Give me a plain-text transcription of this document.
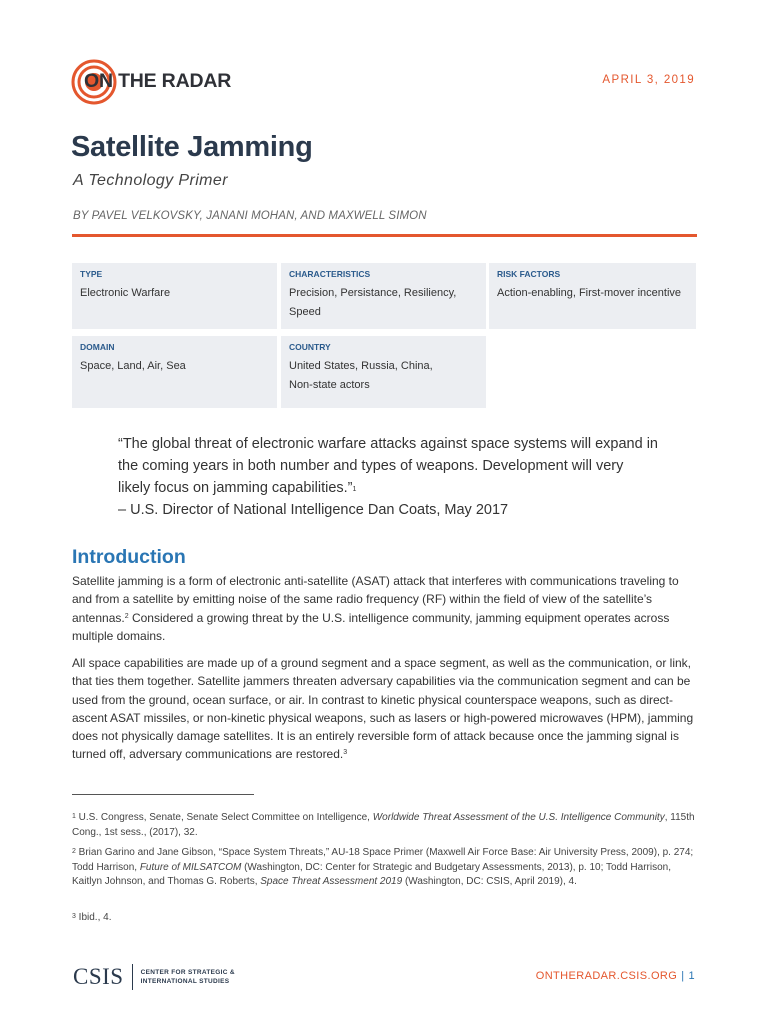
ON THE RADAR	APRIL 3, 2019
Satellite Jamming
A Technology Primer
BY PAVEL VELKOVSKY, JANANI MOHAN, AND MAXWELL SIMON
TYPE
Electronic Warfare
CHARACTERISTICS
Precision, Persistance, Resiliency, Speed
RISK FACTORS
Action-enabling, First-mover incentive
DOMAIN
Space, Land, Air, Sea
COUNTRY
United States, Russia, China,
Non-state actors
“The global threat of electronic warfare attacks against space systems will expand in the coming years in both number and types of weapons. Development will very likely focus on jamming capabilities.”$^1$
– U.S. Director of National Intelligence Dan Coats, May 2017
Introduction

Satellite jamming is a form of electronic anti-satellite (ASAT) attack that interferes with communications traveling to and from a satellite by emitting noise of the same radio frequency (RF) within the field of view of the satellite’s antennas.$^2$ Considered a growing threat by the U.S. intelligence community, jamming equipment operates across multiple domains.

All space capabilities are made up of a ground segment and a space segment, as well as the communication, or link, that ties them together. Satellite jammers threaten adversary capabilities via the communication segment and can be used from the ground, ocean surface, or air. In contrast to kinetic physical counterspace weapons, such as direct-ascent ASAT missiles, or non-kinetic physical weapons, such as lasers or high-powered microwaves (HPM), jamming does not physically damage satellites. It is an entirely reversible form of attack because once the jamming signal is turned off, adversary communications are restored.$^3$

$^1$ U.S. Congress, Senate, Senate Select Committee on Intelligence, Worldwide Threat Assessment of the U.S. Intelligence Community, 115th Cong., 1st sess., (2017), 32.

$^2$ Brian Garino and Jane Gibson, “Space System Threats,” AU-18 Space Primer (Maxwell Air Force Base: Air University Press, 2009), p. 274; Todd Harrison, Future of MILSATCOM (Washington, DC: Center for Strategic and Budgetary Assessments, 2013), p. 10; Todd Harrison, Kaitlyn Johnson, and Thomas G. Roberts, Space Threat Assessment 2019 (Washington, DC: CSIS, April 2019), 4.

$^3$ Ibid., 4.

CSIS	CENTER FOR STRATEGIC &
INTERNATIONAL STUDIES	ONTHERADAR.CSIS.ORG | 1
